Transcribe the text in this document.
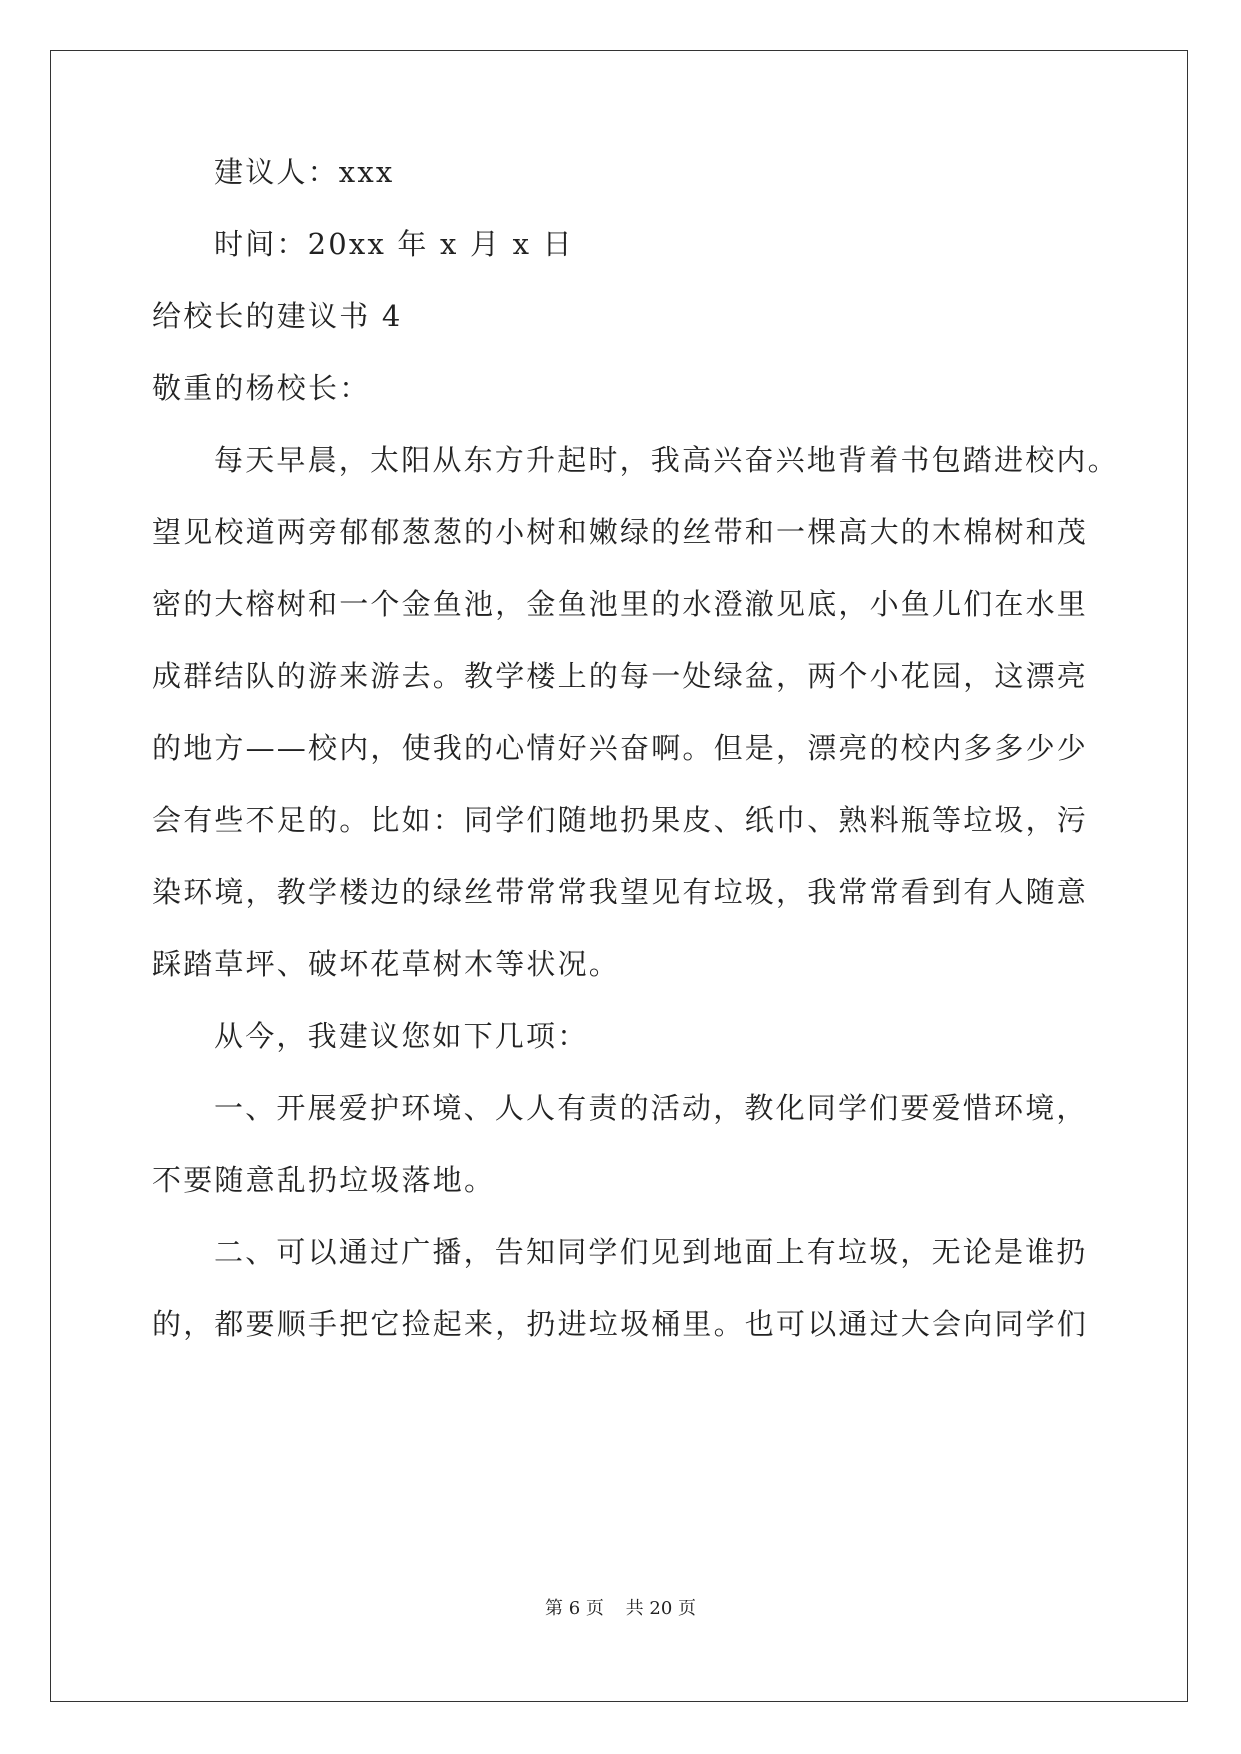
建议人：xxx
时间：20xx 年 x 月 x 日
给校长的建议书 4
敬重的杨校长：
每天早晨，太阳从东方升起时，我高兴奋兴地背着书包踏进校内。
望见校道两旁郁郁葱葱的小树和嫩绿的丝带和一棵高大的木棉树和茂
密的大榕树和一个金鱼池，金鱼池里的水澄澈见底，小鱼儿们在水里
成群结队的游来游去。教学楼上的每一处绿盆，两个小花园，这漂亮
的地方——校内，使我的心情好兴奋啊。但是，漂亮的校内多多少少
会有些不足的。比如：同学们随地扔果皮、纸巾、熟料瓶等垃圾，污
染环境，教学楼边的绿丝带常常我望见有垃圾，我常常看到有人随意
踩踏草坪、破坏花草树木等状况。
从今，我建议您如下几项：
一、开展爱护环境、人人有责的活动，教化同学们要爱惜环境，
不要随意乱扔垃圾落地。
二、可以通过广播，告知同学们见到地面上有垃圾，无论是谁扔
的，都要顺手把它捡起来，扔进垃圾桶里。也可以通过大会向同学们
第 6 页 共 20 页
